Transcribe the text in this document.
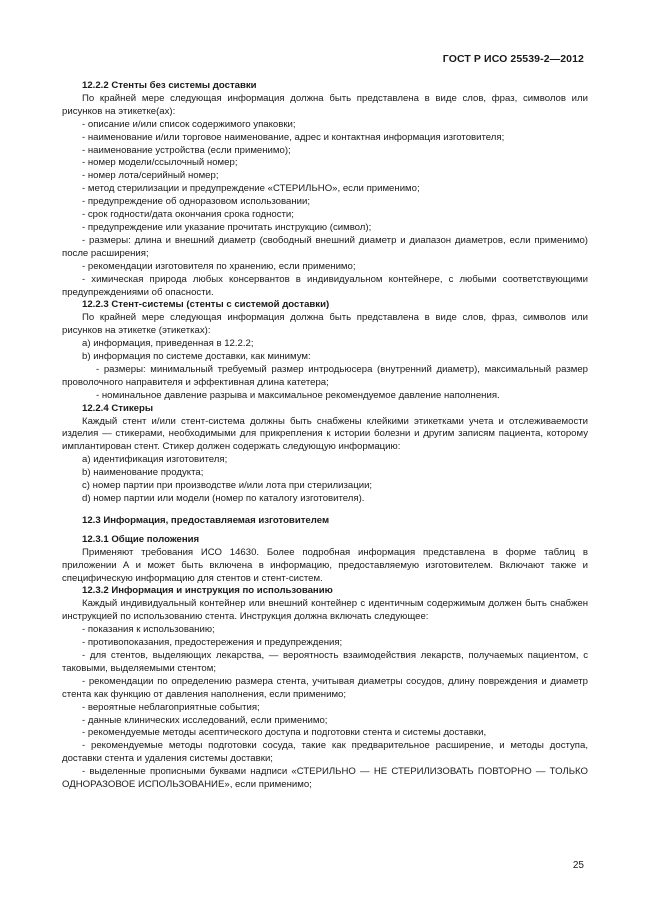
ГОСТ Р ИСО 25539-2—2012

12.2.2 Стенты без системы доставки

По крайней мере следующая информация должна быть представлена в виде слов, фраз, символов или рисунков на этикетке(ах):

- описание и/или список содержимого упаковки;

- наименование и/или торговое наименование, адрес и контактная информация изготовителя;

- наименование устройства (если применимо);

- номер модели/ссылочный номер;

- номер лота/серийный номер;

- метод стерилизации и предупреждение «СТЕРИЛЬНО», если применимо;

- предупреждение об одноразовом использовании;

- срок годности/дата окончания срока годности;

- предупреждение или указание прочитать инструкцию (символ);

- размеры: длина и внешний диаметр (свободный внешний диаметр и диапазон диаметров, если применимо) после расширения;

- рекомендации изготовителя по хранению, если применимо;

- химическая природа любых консервантов в индивидуальном контейнере, с любыми соответствующими предупреждениями об опасности.

12.2.3 Стент-системы (стенты с системой доставки)

По крайней мере следующая информация должна быть представлена в виде слов, фраз, символов или рисунков на этикетке (этикетках):

a) информация, приведенная в 12.2.2;

b) информация по системе доставки, как минимум:

- размеры: минимальный требуемый размер интродьюсера (внутренний диаметр), максимальный размер проволочного направителя и эффективная длина катетера;

- номинальное давление разрыва и максимальное рекомендуемое давление наполнения.

12.2.4 Стикеры

Каждый стент и/или стент-система должны быть снабжены клейкими этикетками учета и отслеживаемости изделия — стикерами, необходимыми для прикрепления к истории болезни и другим записям пациента, которому имплантирован стент. Стикер должен содержать следующую информацию:

a) идентификация изготовителя;

b) наименование продукта;

c) номер партии при производстве и/или лота при стерилизации;

d) номер партии или модели (номер по каталогу изготовителя).

12.3 Информация, предоставляемая изготовителем

12.3.1 Общие положения

Применяют требования ИСО 14630. Более подробная информация представлена в форме таблиц в приложении А и может быть включена в информацию, предоставляемую изготовителем. Включают также и специфическую информацию для стентов и стент-систем.

12.3.2 Информация и инструкция по использованию

Каждый индивидуальный контейнер или внешний контейнер с идентичным содержимым должен быть снабжен инструкцией по использованию стента. Инструкция должна включать следующее:

- показания к использованию;

- противопоказания, предостережения и предупреждения;

- для стентов, выделяющих лекарства, — вероятность взаимодействия лекарств, получаемых пациентом, с таковыми, выделяемыми стентом;

- рекомендации по определению размера стента, учитывая диаметры сосудов, длину повреждения и диаметр стента как функцию от давления наполнения, если применимо;

- вероятные неблагоприятные события;

- данные клинических исследований, если применимо;

- рекомендуемые методы асептического доступа и подготовки стента и системы доставки,

- рекомендуемые методы подготовки сосуда, такие как предварительное расширение, и методы доступа, доставки стента и удаления системы доставки;

- выделенные прописными буквами надписи «СТЕРИЛЬНО — НЕ СТЕРИЛИЗОВАТЬ ПОВТОРНО — ТОЛЬКО ОДНОРАЗОВОЕ ИСПОЛЬЗОВАНИЕ», если применимо;

25
